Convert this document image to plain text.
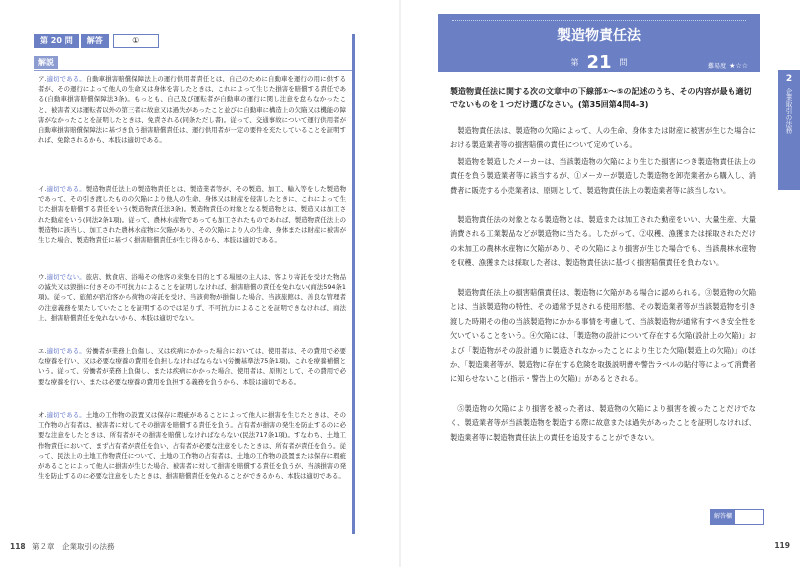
第 20 問	解答	①
解説
ア.適切である。自動車損害賠償保障法上の運行供用者責任とは、自己のために自動車を運行の用に供する者が、その運行によって他人の生命又は身体を害したときは、これによって生じた損害を賠償する責任である(自動車損害賠償保障法3条)。もっとも、自己及び運転者が自動車の運行に関し注意を怠らなかったこと、被害者又は運転者以外の第三者に故意又は過失があったこと並びに自動車に構造上の欠陥又は機能の障害がなかったことを証明したときは、免責される(同条ただし書)。従って、交通事故について運行供用者が自動車損害賠償保障法に基づき負う損害賠償責任は、運行供用者が一定の要件を充たしていることを証明すれば、免除されるから、本肢は適切である。
イ.適切である。製造物責任法上の製造物責任とは、製造業者等が、その製造、加工、輸入等をした製造物であって、その引き渡したものの欠陥により他人の生命、身体又は財産を侵害したときに、これによって生じた損害を賠償する責任をいう(製造物責任法3条)。製造物責任の対象となる製造物とは、製造又は加工された動産をいう(同法2条1項)。従って、農林水産物であっても加工されたものであれば、製造物責任法上の製造物に該当し、加工された農林水産物に欠陥があり、その欠陥により人の生命、身体または財産に被害が生じた場合、製造物責任に基づく損害賠償責任が生じ得るから、本肢は適切である。
ウ.適切でない。旅店、飲食店、浴場その他客の来集を目的とする場屋の主人は、客より寄託を受けた物品の滅失又は毀損に付きその不可抗力によることを証明しなければ、損害賠償の責任を免れない(商法594条1項)。従って、旅館が宿泊客から荷物の寄託を受け、当該荷物が損傷した場合、当該旅館は、善良な管理者の注意義務を果たしていたことを証明するのでは足りず、不可抗力によることを証明できなければ、商法上、損害賠償責任を免れないから、本肢は適切でない。
エ.適切である。労働者が業務上負傷し、又は疾病にかかった場合においては、使用者は、その費用で必要な療養を行い、又は必要な療養の費用を負担しなければならない(労働基準法75条1項)。これを療養補償という。従って、労働者が業務上負傷し、または疾病にかかった場合、使用者は、原則として、その費用で必要な療養を行い、または必要な療養の費用を負担する義務を負うから、本肢は適切である。
オ.適切である。土地の工作物の設置又は保存に瑕疵があることによって他人に損害を生じたときは、その工作物の占有者は、被害者に対してその損害を賠償する責任を負う。占有者が損害の発生を防止するのに必要な注意をしたときは、所有者がその損害を賠償しなければならない(民法717条1項)。すなわち、土地工作物責任において、まず占有者が責任を負い、占有者が必要な注意をしたときは、所有者が責任を負う。従って、民法上の土地工作物責任について、土地の工作物の占有者は、土地の工作物の設置または保存に瑕疵があることによって他人に損害が生じた場合、被害者に対して損害を賠償する責任を負うが、当該損害の発生を防止するのに必要な注意をしたときは、損害賠償責任を免れることができるから、本肢は適切である。
118 第２章　企業取引の法務
製造物責任法
第 21 問	難易度 ★☆☆
製造物責任法に関する次の文章中の下線部①～⑤の記述のうち、その内容が最も適切でないものを１つだけ選びなさい。(第35回第4問4-3)
製造物責任法は、製造物の欠陥によって、人の生命、身体または財産に被害が生じた場合における製造業者等の損害賠償の責任について定めている。
製造物を製造したメーカーは、当該製造物の欠陥により生じた損害につき製造物責任法上の責任を負う製造業者等に該当するが、①メーカーが製造した製造物を卸売業者から購入し、消費者に販売する小売業者は、原則として、製造物責任法上の製造業者等に該当しない。
製造物責任法の対象となる製造物とは、製造または加工された動産をいい、大量生産、大量消費される工業製品などが製造物に当たる。したがって、②収穫、漁獲または採取されただけの未加工の農林水産物に欠陥があり、その欠陥により損害が生じた場合でも、当該農林水産物を収穫、漁獲または採取した者は、製造物責任法に基づく損害賠償責任を負わない。
製造物責任法上の損害賠償責任は、製造物に欠陥がある場合に認められる。③製造物の欠陥とは、当該製造物の特性、その通常予見される使用形態、その製造業者等が当該製造物を引き渡した時期その他の当該製造物にかかる事情を考慮して、当該製造物が通常有すべき安全性を欠いていることをいう。④欠陥には、「製造物の設計について存在する欠陥(設計上の欠陥)」および「製造物がその設計通りに製造されなかったことにより生じた欠陥(製造上の欠陥)」のほか、「製造業者等が、製造物に存在する危険を取扱説明書や警告ラベルの貼付等によって消費者に知らせないこと(指示・警告上の欠陥)」があるとされる。
⑤製造物の欠陥により損害を被った者は、製造物の欠陥により損害を被ったことだけでなく、製造業者等が当該製造物を製造する際に故意または過失があったことを証明しなければ、製造業者等に製造物責任法上の責任を追及することができない。
2
企業取引の法務
解答欄
119
